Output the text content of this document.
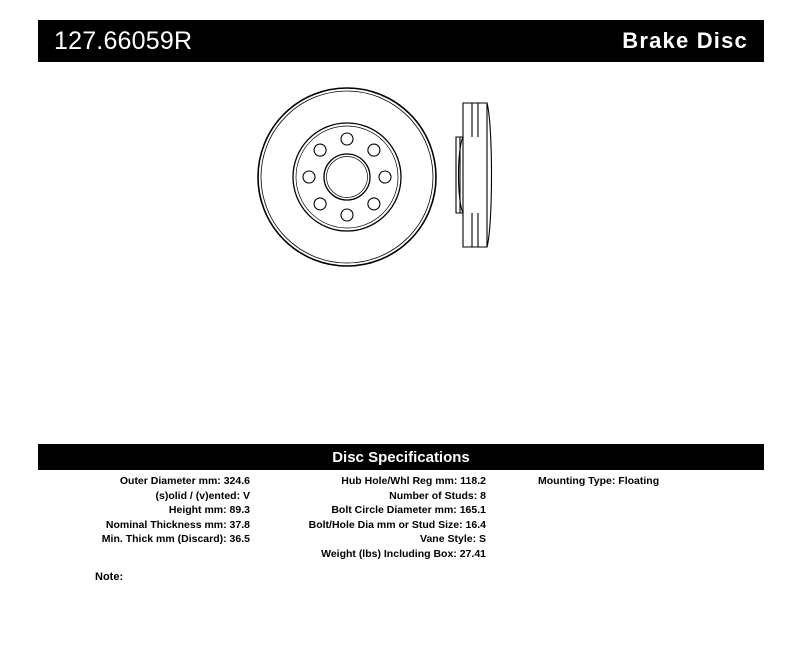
127.66059R	Brake Disc
Disc Specifications
Outer Diameter mm: 324.6
(s)olid / (v)ented: V
Height mm: 89.3
Nominal Thickness mm: 37.8
Min. Thick mm (Discard): 36.5
Hub Hole/Whl Reg mm: 118.2
Number of Studs: 8
Bolt Circle Diameter mm: 165.1
Bolt/Hole Dia mm or Stud Size: 16.4
Vane Style: S
Weight (lbs) Including Box: 27.41
Mounting Type: Floating
Note:
